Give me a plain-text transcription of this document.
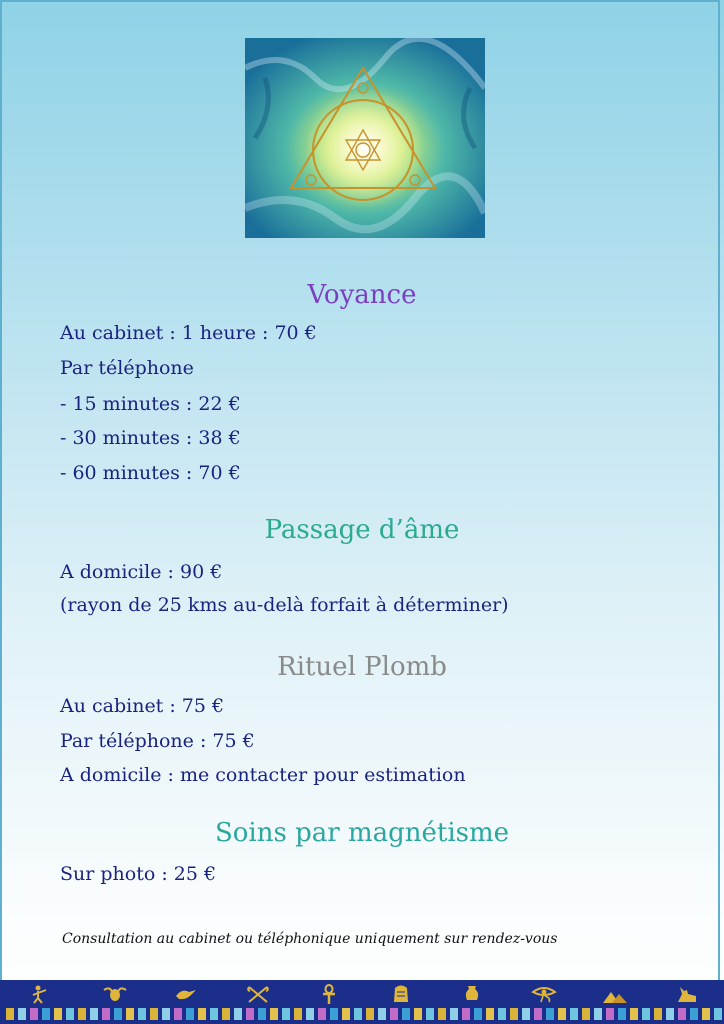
Voyance
Au cabinet : 1 heure : 70 €
Par téléphone
- 15 minutes : 22 €
- 30 minutes : 38 €
- 60 minutes : 70 €
Passage d’âme
A domicile : 90 €
(rayon de 25 kms au-delà forfait à déterminer)
Rituel Plomb
Au cabinet : 75 €
Par téléphone : 75 €
A domicile : me contacter pour estimation
Soins par magnétisme
Sur photo : 25 €
Consultation au cabinet ou téléphonique uniquement sur rendez-vous
